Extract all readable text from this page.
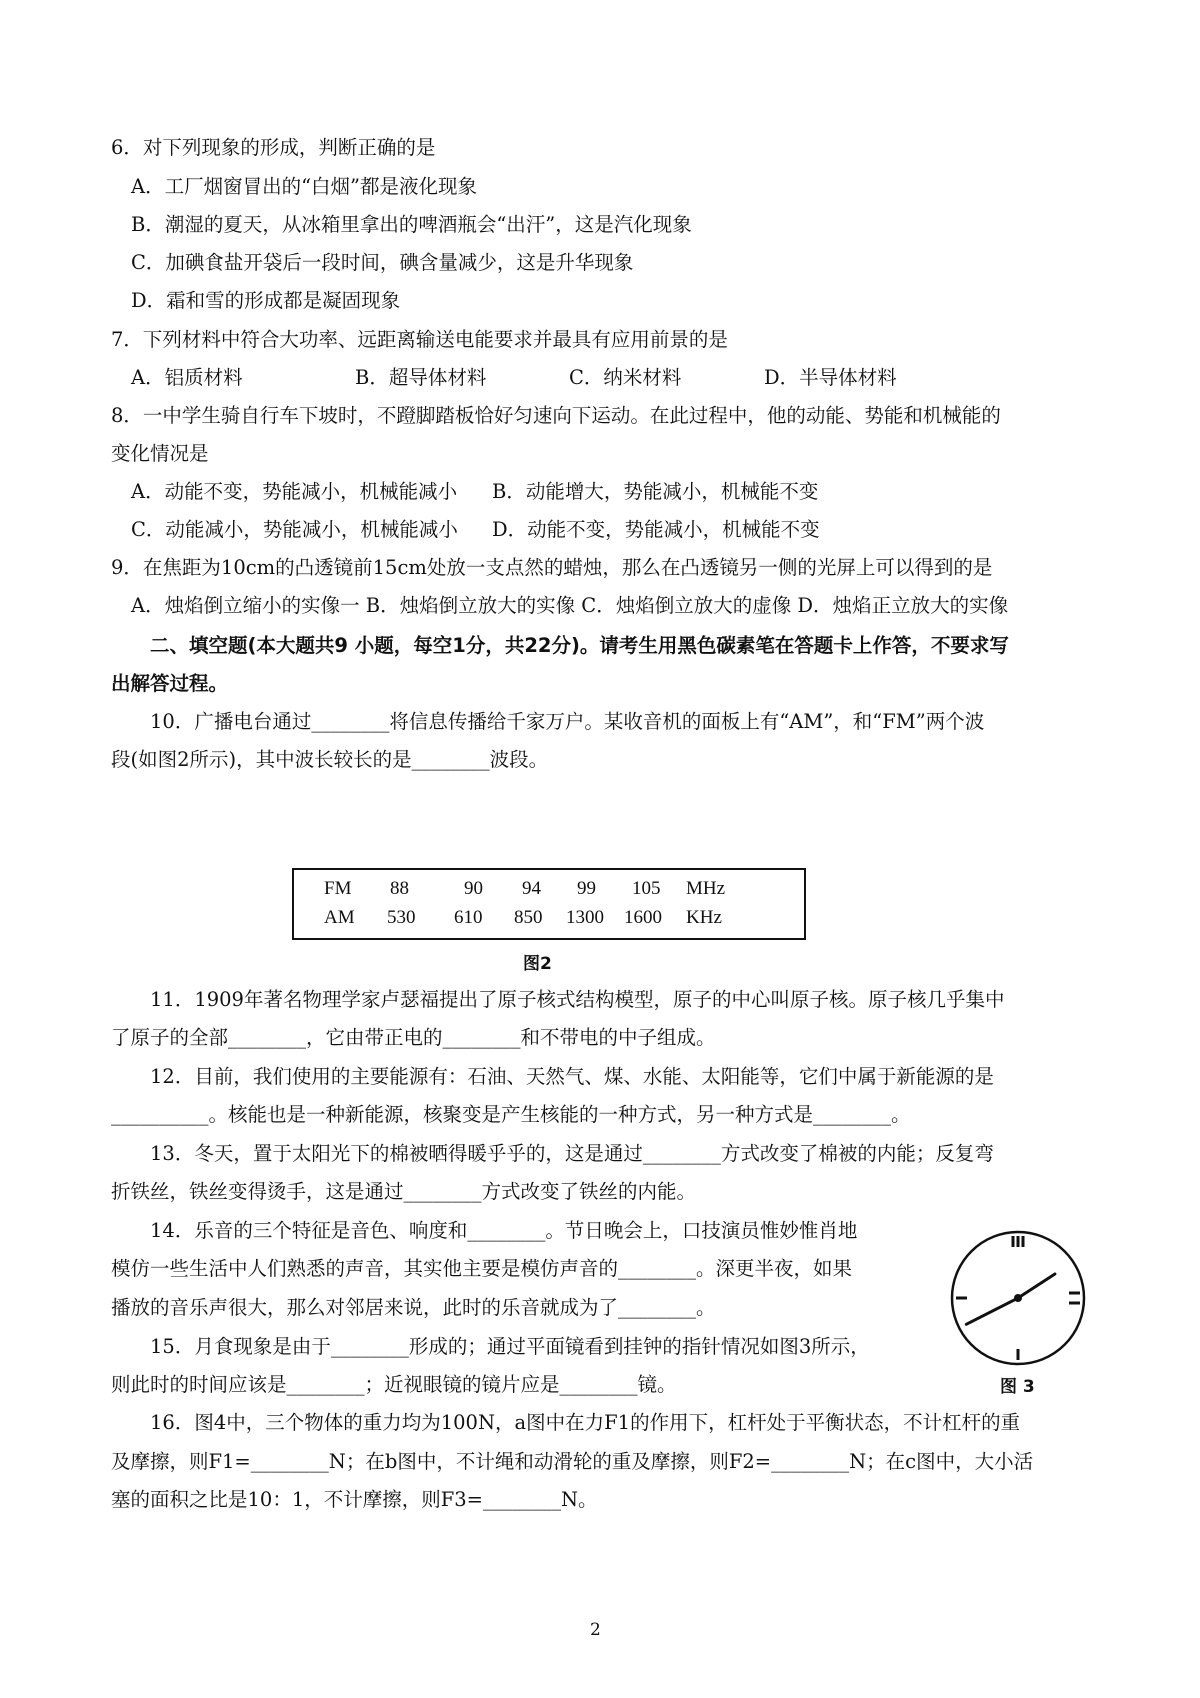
6．对下列现象的形成，判断正确的是
A．工厂烟窗冒出的“白烟”都是液化现象
B．潮湿的夏天，从冰箱里拿出的啤酒瓶会“出汗”，这是汽化现象
C．加碘食盐开袋后一段时间，碘含量减少，这是升华现象
D．霜和雪的形成都是凝固现象
7．下列材料中符合大功率、远距离输送电能要求并最具有应用前景的是
A．铝质材料	B．超导体材料	C．纳米材料	D．半导体材料
8．一中学生骑自行车下坡时，不蹬脚踏板恰好匀速向下运动。在此过程中，他的动能、势能和机械能的
变化情况是
A．动能不变，势能减小，机械能减小 B．动能增大，势能减小，机械能不变
C．动能减小，势能减小，机械能减小 D．动能不变，势能减小，机械能不变
9．在焦距为10cm的凸透镜前15cm处放一支点然的蜡烛，那么在凸透镜另一侧的光屏上可以得到的是
A．烛焰倒立缩小的实像一 B．烛焰倒立放大的实像 C．烛焰倒立放大的虚像 D．烛焰正立放大的实像
二、填空题(本大题共9 小题，每空1分，共22分)。请考生用黑色碳素笔在答题卡上作答，不要求写
出解答过程。
10．广播电台通过________将信息传播给千家万户。某收音机的面板上有“AM”，和“FM”两个波
段(如图2所示)，其中波长较长的是________波段。
FM 88	90 94 99 105 MHz
AM 530 610 850 1300 1600 KHz
图2
11．1909年著名物理学家卢瑟福提出了原子核式结构模型，原子的中心叫原子核。原子核几乎集中
了原子的全部________，它由带正电的________和不带电的中子组成。
12．目前，我们使用的主要能源有：石油、天然气、煤、水能、太阳能等，它们中属于新能源的是
__________。核能也是一种新能源，核聚变是产生核能的一种方式，另一种方式是________。
13．冬天，置于太阳光下的棉被晒得暖乎乎的，这是通过________方式改变了棉被的内能；反复弯
折铁丝，铁丝变得烫手，这是通过________方式改变了铁丝的内能。
14．乐音的三个特征是音色、响度和________。节日晚会上，口技演员惟妙惟肖地
模仿一些生活中人们熟悉的声音，其实他主要是模仿声音的________。深更半夜，如果
播放的音乐声很大，那么对邻居来说，此时的乐音就成为了________。
图 3
15．月食现象是由于________形成的；通过平面镜看到挂钟的指针情况如图3所示，
则此时的时间应该是________；近视眼镜的镜片应是________镜。
16．图4中，三个物体的重力均为100N，a图中在力F1的作用下，杠杆处于平衡状态，不计杠杆的重
及摩擦，则F1=________N；在b图中，不计绳和动滑轮的重及摩擦，则F2=________N；在c图中，大小活
塞的面积之比是10：1，不计摩擦，则F3=________N。
2
